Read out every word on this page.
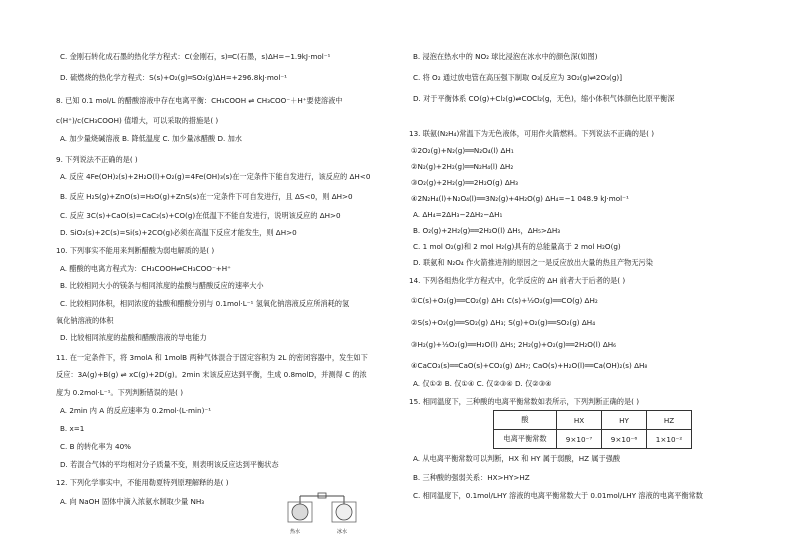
C. 金刚石转化成石墨的热化学方程式：C(金刚石，s)═C(石墨，s)ΔH=−1.9kJ·mol⁻¹
D. 硫燃烧的热化学方程式：S(s)+O₂(g)═SO₂(g)ΔH=+296.8kJ·mol⁻¹
8. 已知 0.1 mol/L 的醋酸溶液中存在电离平衡：CH₃COOH ⇌ CH₃COO⁻＋H⁺要使溶液中
c(H⁺)/c(CH₃COOH) 值增大，可以采取的措施是( )
A. 加少量烧碱溶液 B. 降低温度 C. 加少量冰醋酸 D. 加水
9. 下列说法不正确的是( )
A. 反应 4Fe(OH)₂(s)+2H₂O(l)+O₂(g)=4Fe(OH)₃(s)在一定条件下能自发进行，该反应的 ΔH<0
B. 反应 H₂S(g)+ZnO(s)=H₂O(g)+ZnS(s)在一定条件下可自发进行，且 ΔS<0，则 ΔH>0
C. 反应 3C(s)+CaO(s)=CaC₂(s)+CO(g)在低温下不能自发进行，说明该反应的 ΔH>0
D. SiO₂(s)+2C(s)=Si(s)+2CO(g)必须在高温下反应才能发生，则 ΔH>0
10. 下列事实不能用来判断醋酸为弱电解质的是( )
A. 醋酸的电离方程式为：CH₃COOH⇌CH₃COO⁻+H⁺
B. 比较相同大小的镁条与相同浓度的盐酸与醋酸反应的速率大小
C. 比较相同体积，相同浓度的盐酸和醋酸分别与 0.1mol·L⁻¹ 氢氧化钠溶液反应所消耗的氢
氧化钠溶液的体积
D. 比较相同浓度的盐酸和醋酸溶液的导电能力
11. 在一定条件下，将 3molA 和 1molB 两种气体混合于固定容积为 2L 的密闭容器中，发生如下
反应：3A(g)+B(g) ⇌ xC(g)+2D(g)。2min 末该反应达到平衡，生成 0.8molD，并测得 C 的浓
度为 0.2mol·L⁻¹。下列判断错误的是( )
A. 2min 内 A 的反应速率为 0.2mol·(L·min)⁻¹
B. x=1
C. B 的转化率为 40%
D. 若混合气体的平均相对分子质量不变，则表明该反应达到平衡状态
12. 下列化学事实中，不能用勒夏特列原理解释的是( )
A. 向 NaOH 固体中滴入浓氨水制取少量 NH₃
热水	冰水
B. 浸泡在热水中的 NO₂ 球比浸泡在冰水中的颜色深(如图)
C. 将 O₂ 通过放电管在高压强下制取 O₃[反应为 3O₂(g)⇌2O₃(g)]
D. 对于平衡体系 CO(g)+Cl₂(g)⇌COCl₂(g，无色)，缩小体积气体颜色比原平衡深
13. 联氨(N₂H₄)常温下为无色液体，可用作火箭燃料。下列说法不正确的是( )
①2O₂(g)+N₂(g)══N₂O₄(l) ΔH₁
②N₂(g)+2H₂(g)══N₂H₄(l) ΔH₂
③O₂(g)+2H₂(g)══2H₂O(g) ΔH₃
④2N₂H₄(l)+N₂O₄(l)══3N₂(g)+4H₂O(g) ΔH₄=−1 048.9 kJ·mol⁻¹
A. ΔH₄=2ΔH₃−2ΔH₂−ΔH₁
B. O₂(g)+2H₂(g)══2H₂O(l) ΔH₅，ΔH₅>ΔH₃
C. 1 mol O₂(g)和 2 mol H₂(g)具有的总能量高于 2 mol H₂O(g)
D. 联氨和 N₂O₄ 作火箭推进剂的原因之一是反应放出大量的热且产物无污染
14. 下列各组热化学方程式中，化学反应的 ΔH 前者大于后者的是( )
①C(s)+O₂(g)══CO₂(g) ΔH₁ C(s)+½O₂(g)══CO(g) ΔH₂
②S(s)+O₂(g)══SO₂(g) ΔH₃; S(g)+O₂(g)══SO₂(g) ΔH₄
③H₂(g)+½O₂(g)══H₂O(l) ΔH₅; 2H₂(g)+O₂(g)══2H₂O(l) ΔH₆
④CaCO₃(s)══CaO(s)+CO₂(g) ΔH₇; CaO(s)+H₂O(l)══Ca(OH)₂(s) ΔH₈
A. 仅①② B. 仅①④ C. 仅②③④ D. 仅②③④
15. 相同温度下，三种酸的电离平衡常数如表所示，下列判断正确的是( )
酸	HX	HY	HZ
电离平衡常数	9×10⁻⁷	9×10⁻⁶	1×10⁻²
A. 从电离平衡常数可以判断，HX 和 HY 属于弱酸，HZ 属于强酸
B. 三种酸的强弱关系：HX>HY>HZ
C. 相同温度下，0.1mol/LHY 溶液的电离平衡常数大于 0.01mol/LHY 溶液的电离平衡常数
